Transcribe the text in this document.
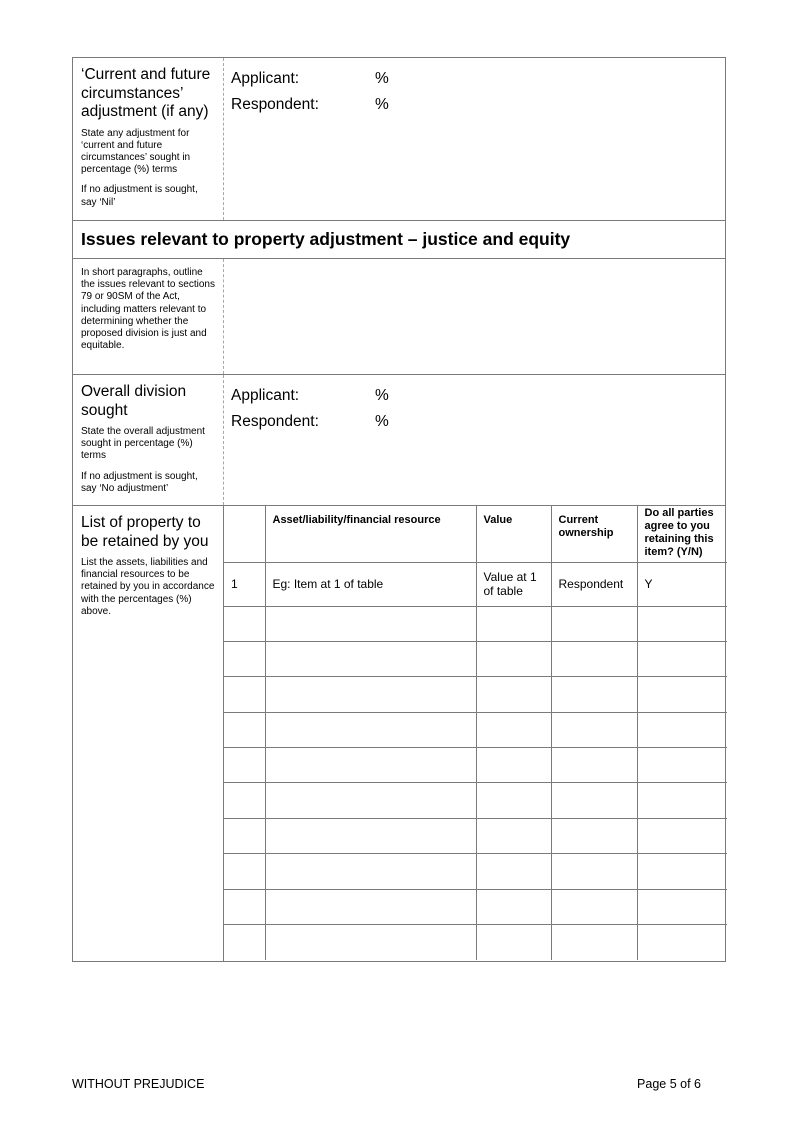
‘Current and future circumstances’ adjustment (if any)
State any adjustment for ‘current and future circumstances’ sought in percentage (%) terms
If no adjustment is sought, say ‘Nil’
Applicant:	%
Respondent:	%
Issues relevant to property adjustment – justice and equity
In short paragraphs, outline the issues relevant to sections 79 or 90SM of the Act, including matters relevant to determining whether the proposed division is just and equitable.
Overall division sought
State the overall adjustment sought in percentage (%) terms
If no adjustment is sought, say ‘No adjustment’
Applicant:	%
Respondent:	%
List of property to be retained by you
List the assets, liabilities and financial resources to be retained by you in accordance with the percentages (%) above.
	Asset/liability/financial resource	Value	Current ownership	Do all parties agree to you retaining this item? (Y/N)
1	Eg: Item at 1 of table	Value at 1 of table	Respondent	Y

WITHOUT PREJUDICE	Page 5 of 6
